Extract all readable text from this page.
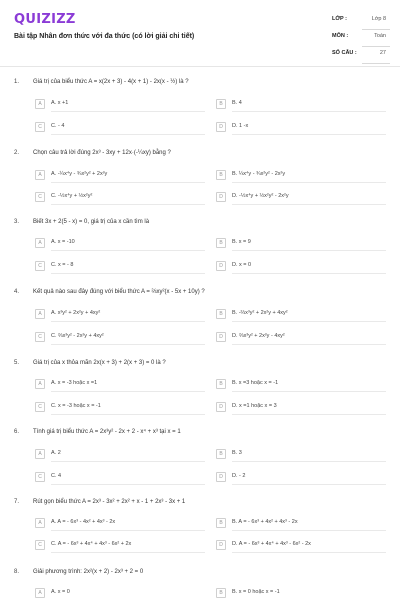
QUIZIZZ
Bài tập Nhân đơn thức với đa thức (có lời giải chi tiết)
LỚP :	Lớp 8
MÔN :	Toán
SỐ CÂU :	27
1. Giá trị của biểu thức A = x(2x + 3) - 4(x + 1) - 2x(x - ½) là ?
A	A. x +1	B	B. 4
C	C. - 4	D	D. 1 -x
2. Chọn câu trả lời đúng 2x³ - 3xy + 12x·(-¼xy) bằng ?
A	A. -¼x⁴y - ¾x²y² + 2x²y	B	B. ¼x⁴y - ¾x²y² - 2x²y
C	C. -½x⁴y + ½x²y²	D	D. -½x⁴y + ½x²y² - 2x²y
3. Biết 3x + 2(5 - x) = 0, giá trị của x cần tìm là
A	A. x = -10	B	B. x = 9
C	C. x = - 8	D	D. x = 0
4. Kết quả nào sau đây đúng với biểu thức A = ⅔xy²(x - 5x + 10y) ?
A	A. x³y² + 2x²y + 4xy²	B	B. -⅔x³y² + 2x²y + 4xy²
C	C. ⅔x³y² - 2x²y + 4xy²	D	D. ⅔x³y² + 2x²y - 4xy²
5. Giá trị của x thỏa mãn 2x(x + 3) + 2(x + 3) = 0 là ?
A	A. x = -3 hoặc x =1	B	B. x =3 hoặc x = -1
C	C. x = -3 hoặc x = -1	D	D. x =1 hoặc x = 3
6. Tính giá trị biểu thức A = 2x³y² - 2x + 2 - x⁴ + x³ tại x = 1
A	A. 2	B	B. 3
C	C. 4	D	D. - 2
7. Rút gọn biểu thức A = 2x³ - 3x² + 2x² + x - 1 + 2x³ - 3x + 1
A	A. A = - 6x³ - 4x² + 4x³ - 2x	B	B. A = - 6x³ + 4x² + 4x³ - 2x
C	C. A = - 6x³ + 4x⁴ + 4x³ - 6x² + 2x	D	D. A = - 6x³ + 4x⁴ + 4x³ - 6x² - 2x
8. Giải phương trình: 2x²(x + 2) - 2x³ + 2 = 0
A	A. x = 0	B	B. x = 0 hoặc x = -1
